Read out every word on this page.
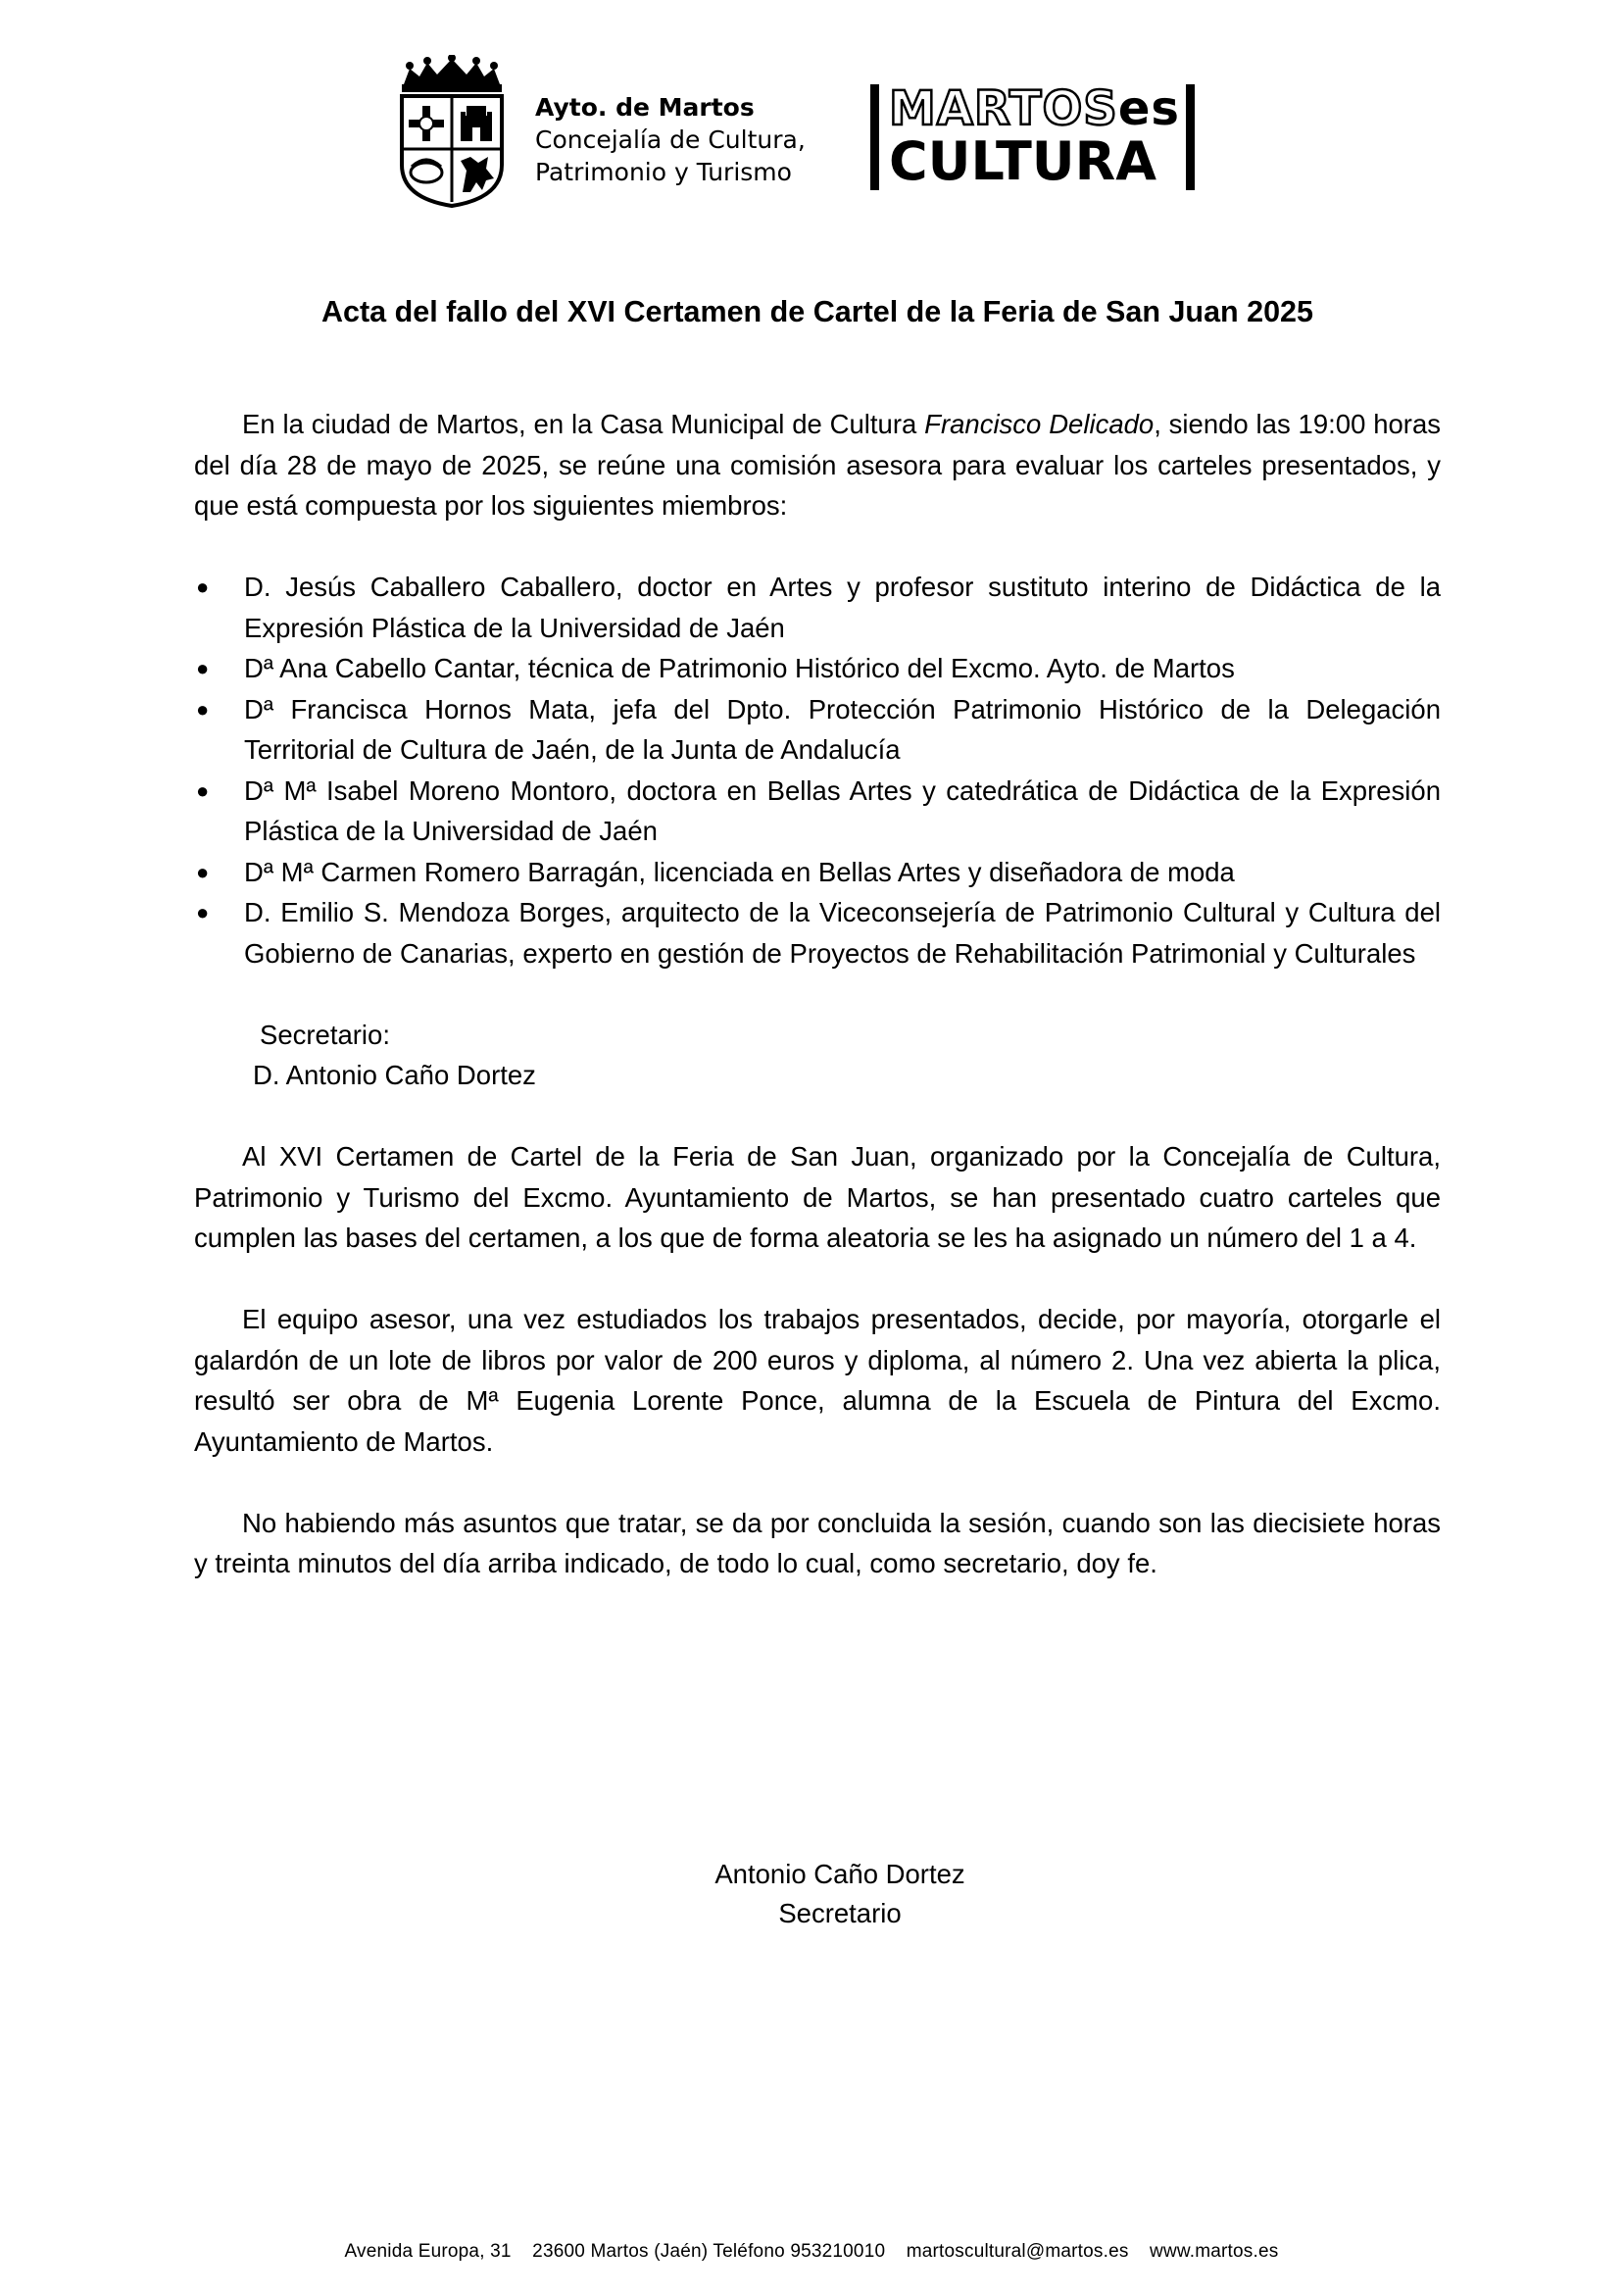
Ayto. de Martos

Concejalía de Cultura,

Patrimonio y Turismo

MARTOSes
CULTURA
Acta del fallo del XVI Certamen de Cartel de la Feria de San Juan 2025

En la ciudad de Martos, en la Casa Municipal de Cultura Francisco Delicado, siendo las 19:00 horas del día 28 de mayo de 2025, se reúne una comisión asesora para evaluar los carteles presentados, y que está compuesta por los siguientes miembros:

● D. Jesús Caballero Caballero, doctor en Artes y profesor sustituto interino de Didáctica de la Expresión Plástica de la Universidad de Jaén
● Dª Ana Cabello Cantar, técnica de Patrimonio Histórico del Excmo. Ayto. de Martos
● Dª Francisca Hornos Mata, jefa del Dpto. Protección Patrimonio Histórico de la Delegación Territorial de Cultura de Jaén, de la Junta de Andalucía
● Dª Mª Isabel Moreno Montoro, doctora en Bellas Artes y catedrática de Didáctica de la Expresión Plástica de la Universidad de Jaén
● Dª Mª Carmen Romero Barragán, licenciada en Bellas Artes y diseñadora de moda
● D. Emilio S. Mendoza Borges, arquitecto de la Viceconsejería de Patrimonio Cultural y Cultura del Gobierno de Canarias, experto en gestión de Proyectos de Rehabilitación Patrimonial y Culturales

Secretario:

D. Antonio Caño Dortez

Al XVI Certamen de Cartel de la Feria de San Juan, organizado por la Concejalía de Cultura, Patrimonio y Turismo del Excmo. Ayuntamiento de Martos, se han presentado cuatro carteles que cumplen las bases del certamen, a los que de forma aleatoria se les ha asignado un número del 1 a 4.

El equipo asesor, una vez estudiados los trabajos presentados, decide, por mayoría, otorgarle el galardón de un lote de libros por valor de 200 euros y diploma, al número 2. Una vez abierta la plica, resultó ser obra de Mª Eugenia Lorente Ponce, alumna de la Escuela de Pintura del Excmo. Ayuntamiento de Martos.

No habiendo más asuntos que tratar, se da por concluida la sesión, cuando son las diecisiete horas y treinta minutos del día arriba indicado, de todo lo cual, como secretario, doy fe.

Antonio Caño Dortez
Secretario
Avenida Europa, 31 23600 Martos (Jaén) Teléfono 953210010 martoscultural@martos.es www.martos.es
